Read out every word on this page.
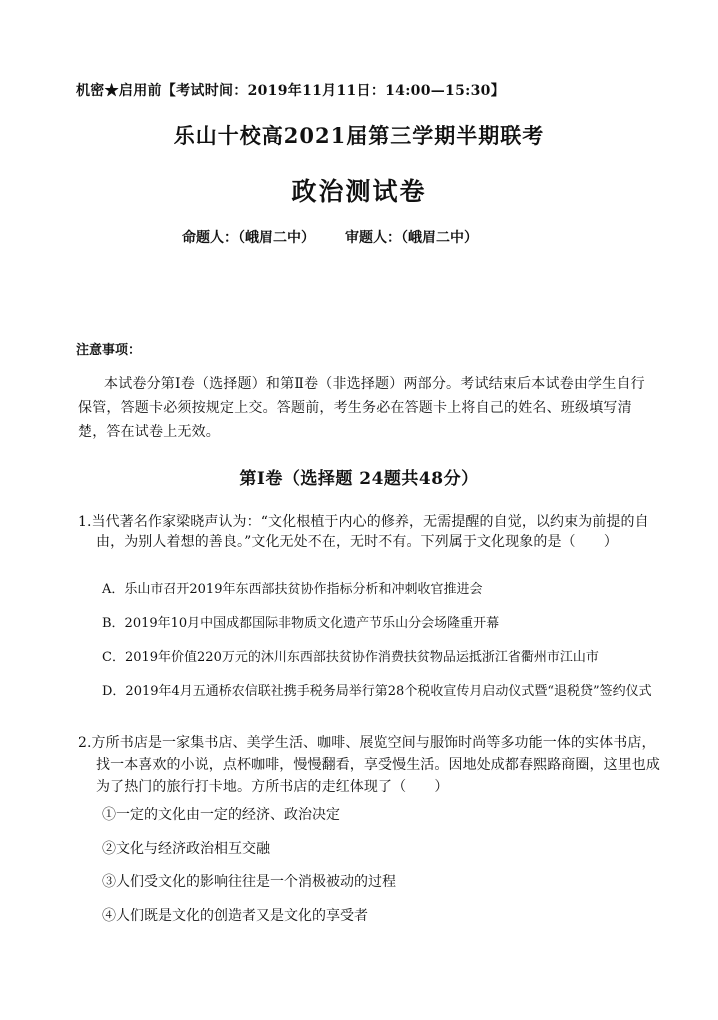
机密★启用前【考试时间：2019年11月11日：14:00—15:30】
乐山十校高2021届第三学期半期联考
政治测试卷
命题人：（峨眉二中） 审题人：（峨眉二中）
注意事项：
本试卷分第Ⅰ卷（选择题）和第Ⅱ卷（非选择题）两部分。考试结束后本试卷由学生自行保管，答题卡必须按规定上交。答题前，考生务必在答题卡上将自己的姓名、班级填写清楚，答在试卷上无效。
第Ⅰ卷（选择题 24题共48分）
1.当代著名作家梁晓声认为：“文化根植于内心的修养，无需提醒的自觉，以约束为前提的自由，为别人着想的善良。”文化无处不在，无时不有。下列属于文化现象的是（　　）
A．乐山市召开2019年东西部扶贫协作指标分析和冲刺收官推进会
B．2019年10月中国成都国际非物质文化遗产节乐山分会场隆重开幕
C．2019年价值220万元的沐川东西部扶贫协作消费扶贫物品运抵浙江省衢州市江山市
D．2019年4月五通桥农信联社携手税务局举行第28个税收宣传月启动仪式暨“退税贷”签约仪式
2.方所书店是一家集书店、美学生活、咖啡、展览空间与服饰时尚等多功能一体的实体书店，找一本喜欢的小说，点杯咖啡，慢慢翻看，享受慢生活。因地处成都春熙路商圈，这里也成为了热门的旅行打卡地。方所书店的走红体现了（　　）
①一定的文化由一定的经济、政治决定
②文化与经济政治相互交融
③人们受文化的影响往往是一个消极被动的过程
④人们既是文化的创造者又是文化的享受者
